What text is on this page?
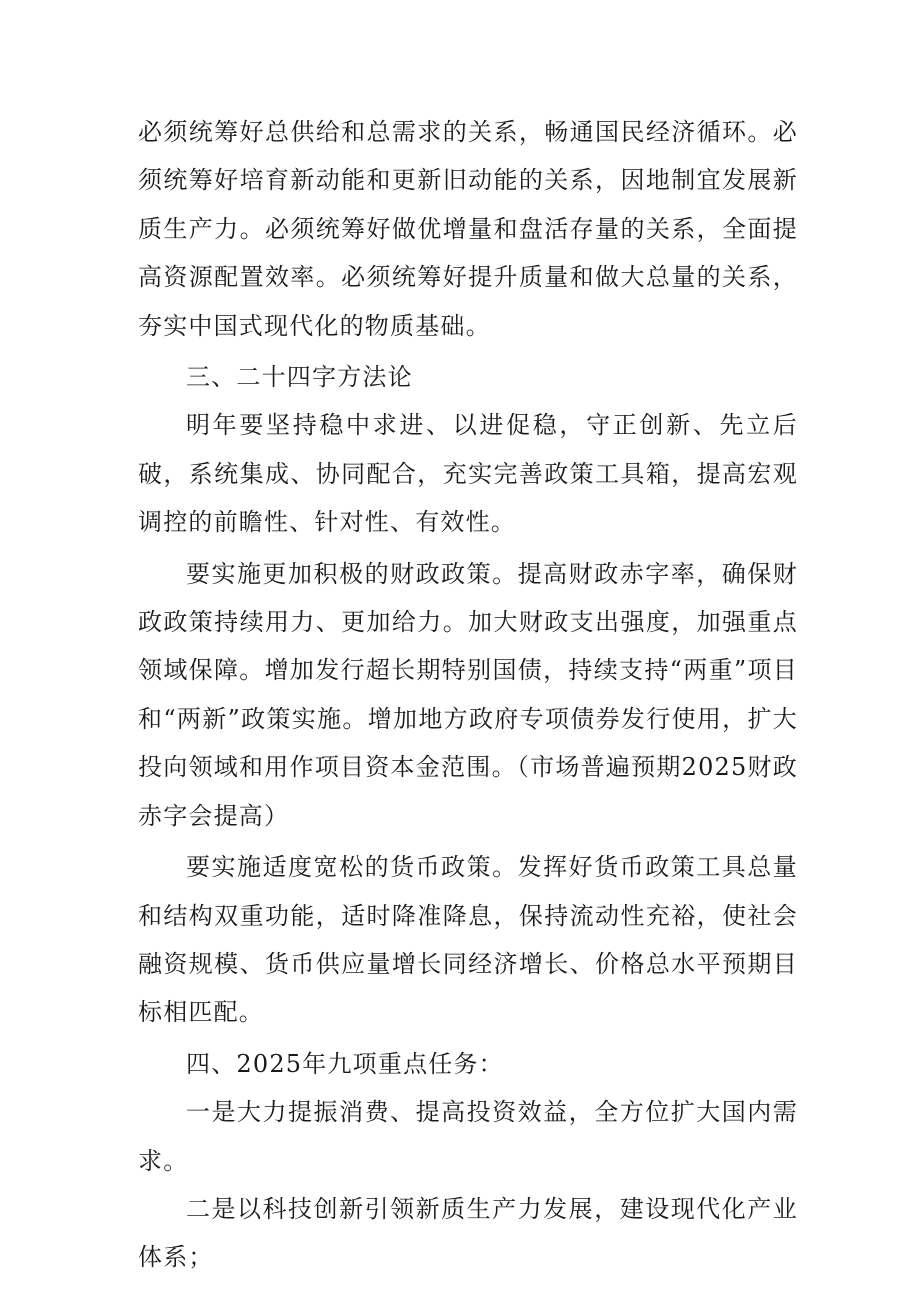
必须统筹好总供给和总需求的关系，畅通国民经济循环。必须统筹好培育新动能和更新旧动能的关系，因地制宜发展新质生产力。必须统筹好做优增量和盘活存量的关系，全面提高资源配置效率。必须统筹好提升质量和做大总量的关系，夯实中国式现代化的物质基础。

三、二十四字方法论

明年要坚持稳中求进、以进促稳，守正创新、先立后破，系统集成、协同配合，充实完善政策工具箱，提高宏观调控的前瞻性、针对性、有效性。

要实施更加积极的财政政策。提高财政赤字率，确保财政政策持续用力、更加给力。加大财政支出强度，加强重点领域保障。增加发行超长期特别国债，持续支持“两重”项目和“两新”政策实施。增加地方政府专项债券发行使用，扩大投向领域和用作项目资本金范围。（市场普遍预期2025财政赤字会提高）

要实施适度宽松的货币政策。发挥好货币政策工具总量和结构双重功能，适时降准降息，保持流动性充裕，使社会融资规模、货币供应量增长同经济增长、价格总水平预期目标相匹配。

四、2025年九项重点任务：

一是大力提振消费、提高投资效益，全方位扩大国内需求。

二是以科技创新引领新质生产力发展，建设现代化产业体系；
